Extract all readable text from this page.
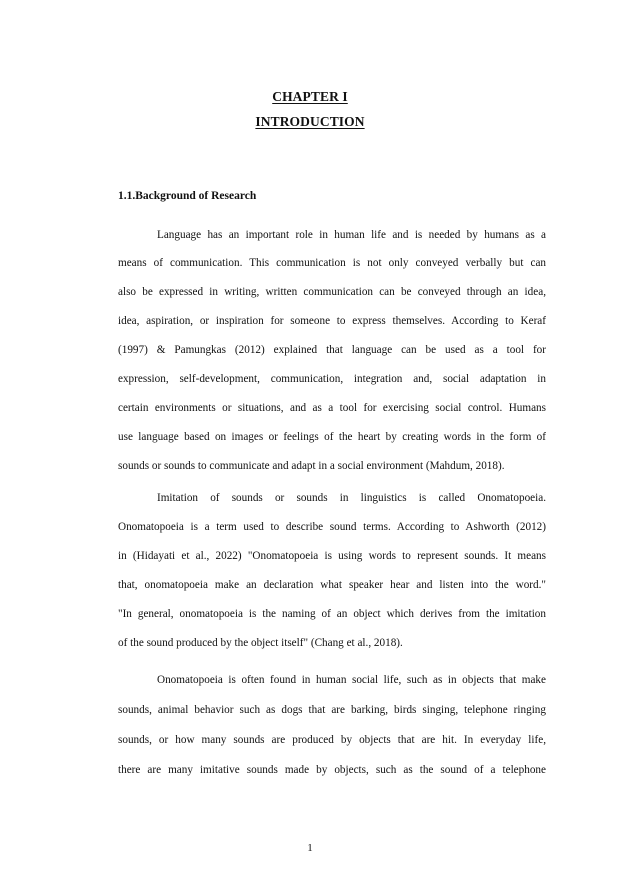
CHAPTER I
INTRODUCTION
1.1.Background of Research
Language has an important role in human life and is needed by humans as a
means of communication. This communication is not only conveyed verbally but can
also be expressed in writing, written communication can be conveyed through an idea,
idea, aspiration, or inspiration for someone to express themselves. According to Keraf
(1997) & Pamungkas (2012) explained that language can be used as a tool for
expression, self-development, communication, integration and, social adaptation in
certain environments or situations, and as a tool for exercising social control. Humans
use language based on images or feelings of the heart by creating words in the form of
sounds or sounds to communicate and adapt in a social environment (Mahdum, 2018).
Imitation of sounds or sounds in linguistics is called Onomatopoeia.
Onomatopoeia is a term used to describe sound terms. According to Ashworth (2012)
in (Hidayati et al., 2022) "Onomatopoeia is using words to represent sounds. It means
that, onomatopoeia make an declaration what speaker hear and listen into the word."
"In general, onomatopoeia is the naming of an object which derives from the imitation
of the sound produced by the object itself" (Chang et al., 2018).
Onomatopoeia is often found in human social life, such as in objects that make
sounds, animal behavior such as dogs that are barking, birds singing, telephone ringing
sounds, or how many sounds are produced by objects that are hit. In everyday life,
there are many imitative sounds made by objects, such as the sound of a telephone
1
